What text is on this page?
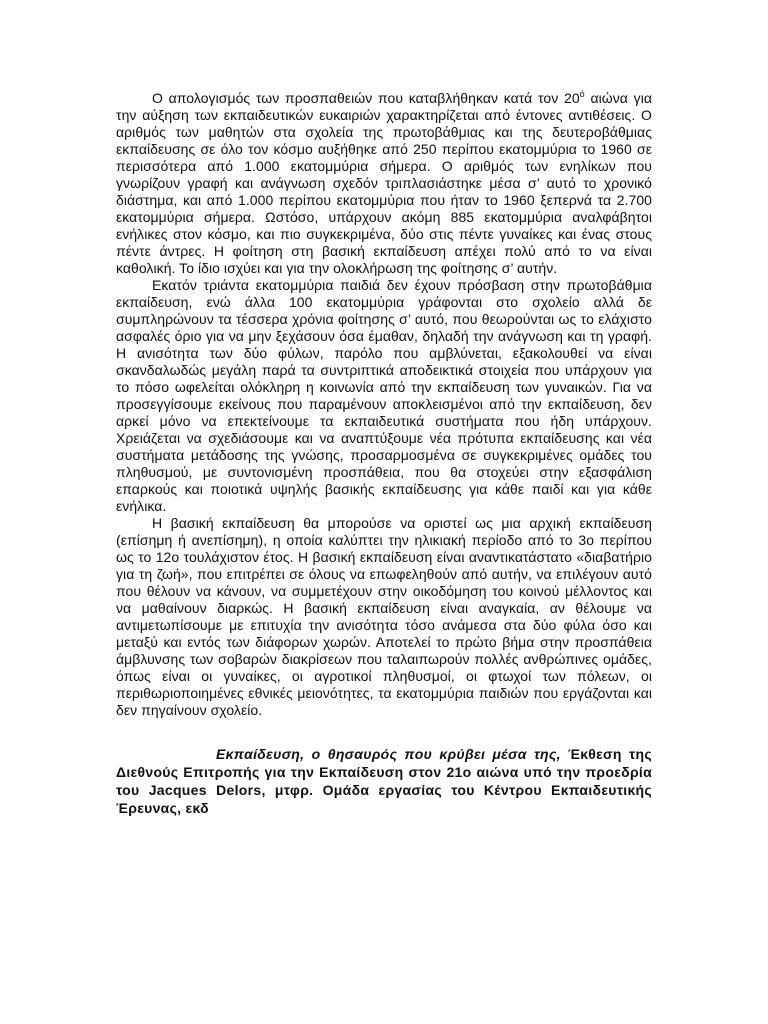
Ο απολογισμός των προσπαθειών που καταβλήθηκαν κατά τον $20^ό$ αιώνα για την αύξηση των εκπαιδευτικών ευκαιριών χαρακτηρίζεται από έντονες αντιθέσεις. Ο αριθμός των μαθητών στα σχολεία της πρωτοβάθμιας και της δευτεροβάθμιας εκπαίδευσης σε όλο τον κόσμο αυξήθηκε από 250 περίπου εκατομμύρια το 1960 σε περισσότερα από 1.000 εκατομμύρια σήμερα. Ο αριθμός των ενηλίκων που γνωρίζουν γραφή και ανάγνωση σχεδόν τριπλασιάστηκε μέσα σ’ αυτό το χρονικό διάστημα, και από 1.000 περίπου εκατομμύρια που ήταν το 1960 ξεπερνά τα 2.700 εκατομμύρια σήμερα. Ωστόσο, υπάρχουν ακόμη 885 εκατομμύρια αναλφάβητοι ενήλικες στον κόσμο, και πιο συγκεκριμένα, δύο στις πέντε γυναίκες και ένας στους πέντε άντρες. Η φοίτηση στη βασική εκπαίδευση απέχει πολύ από το να είναι καθολική. Το ίδιο ισχύει και για την ολοκλήρωση της φοίτησης σ’ αυτήν.

Εκατόν τριάντα εκατομμύρια παιδιά δεν έχουν πρόσβαση στην πρωτοβάθμια εκπαίδευση, ενώ άλλα 100 εκατομμύρια γράφονται στο σχολείο αλλά δε συμπληρώνουν τα τέσσερα χρόνια φοίτησης σ’ αυτό, που θεωρούνται ως το ελάχιστο ασφαλές όριο για να μην ξεχάσουν όσα έμαθαν, δηλαδή την ανάγνωση και τη γραφή. Η ανισότητα των δύο φύλων, παρόλο που αμβλύνεται, εξακολουθεί να είναι σκανδαλωδώς μεγάλη παρά τα συντριπτικά αποδεικτικά στοιχεία που υπάρχουν για το πόσο ωφελείται ολόκληρη η κοινωνία από την εκπαίδευση των γυναικών. Για να προσεγγίσουμε εκείνους που παραμένουν αποκλεισμένοι από την εκπαίδευση, δεν αρκεί μόνο να επεκτείνουμε τα εκπαιδευτικά συστήματα που ήδη υπάρχουν. Χρειάζεται να σχεδιάσουμε και να αναπτύξουμε νέα πρότυπα εκπαίδευσης και νέα συστήματα μετάδοσης της γνώσης, προσαρμοσμένα σε συγκεκριμένες ομάδες του πληθυσμού, με συντονισμένη προσπάθεια, που θα στοχεύει στην εξασφάλιση επαρκούς και ποιοτικά υψηλής βασικής εκπαίδευσης για κάθε παιδί και για κάθε ενήλικα.

Η βασική εκπαίδευση θα μπορούσε να οριστεί ως μια αρχική εκπαίδευση (επίσημη ή ανεπίσημη), η οποία καλύπτει την ηλικιακή περίοδο από το 3ο περίπου ως το 12ο τουλάχιστον έτος. Η βασική εκπαίδευση είναι αναντικατάστατο «διαβατήριο για τη ζωή», που επιτρέπει σε όλους να επωφεληθούν από αυτήν, να επιλέγουν αυτό που θέλουν να κάνουν, να συμμετέχουν στην οικοδόμηση του κοινού μέλλοντος και να μαθαίνουν διαρκώς. Η βασική εκπαίδευση είναι αναγκαία, αν θέλουμε να αντιμετωπίσουμε με επιτυχία την ανισότητα τόσο ανάμεσα στα δύο φύλα όσο και μεταξύ και εντός των διάφορων χωρών. Αποτελεί το πρώτο βήμα στην προσπάθεια άμβλυνσης των σοβαρών διακρίσεων που ταλαιπωρούν πολλές ανθρώπινες ομάδες, όπως είναι οι γυναίκες, οι αγροτικοί πληθυσμοί, οι φτωχοί των πόλεων, οι περιθωριοποιημένες εθνικές μειονότητες, τα εκατομμύρια παιδιών που εργάζονται και δεν πηγαίνουν σχολείο.

Εκπαίδευση, ο θησαυρός που κρύβει μέσα της, Έκθεση της Διεθνούς Επιτροπής για την Εκπαίδευση στον 21ο αιώνα υπό την προεδρία του Jacques Delors, μτφρ. Ομάδα εργασίας του Κέντρου Εκπαιδευτικής Έρευνας, εκδ
